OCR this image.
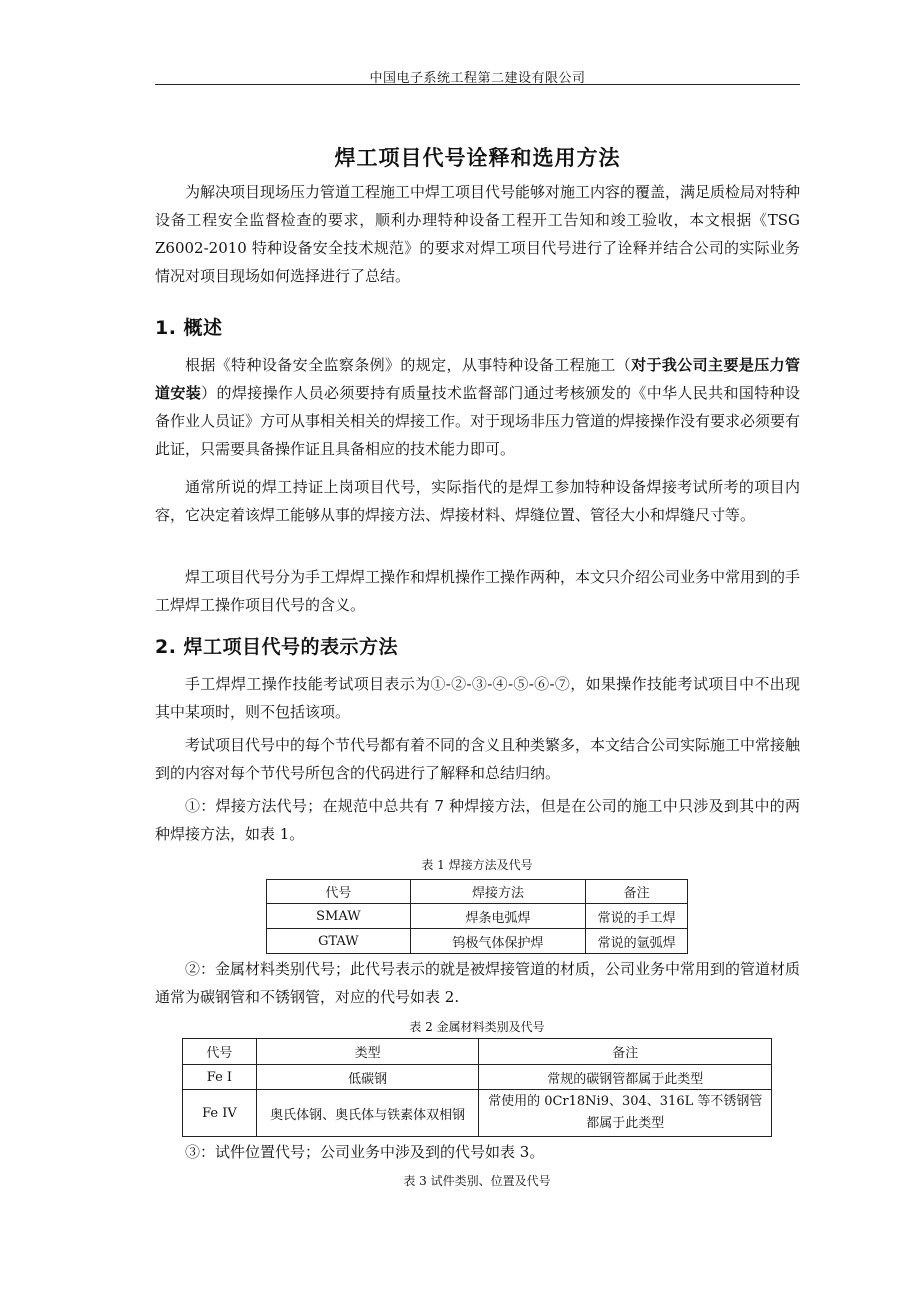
中国电子系统工程第二建设有限公司
焊工项目代号诠释和选用方法

为解决项目现场压力管道工程施工中焊工项目代号能够对施工内容的覆盖，满足质检局对特种设备工程安全监督检查的要求，顺利办理特种设备工程开工告知和竣工验收，本文根据《TSG Z6002-2010 特种设备安全技术规范》的要求对焊工项目代号进行了诠释并结合公司的实际业务情况对项目现场如何选择进行了总结。

1. 概述

根据《特种设备安全监察条例》的规定，从事特种设备工程施工（对于我公司主要是压力管道安装）的焊接操作人员必须要持有质量技术监督部门通过考核颁发的《中华人民共和国特种设备作业人员证》方可从事相关相关的焊接工作。对于现场非压力管道的焊接操作没有要求必须要有此证，只需要具备操作证且具备相应的技术能力即可。

通常所说的焊工持证上岗项目代号，实际指代的是焊工参加特种设备焊接考试所考的项目内容，它决定着该焊工能够从事的焊接方法、焊接材料、焊缝位置、管径大小和焊缝尺寸等。

焊工项目代号分为手工焊焊工操作和焊机操作工操作两种，本文只介绍公司业务中常用到的手工焊焊工操作项目代号的含义。

2. 焊工项目代号的表示方法

手工焊焊工操作技能考试项目表示为①-②-③-④-⑤-⑥-⑦，如果操作技能考试项目中不出现其中某项时，则不包括该项。

考试项目代号中的每个节代号都有着不同的含义且种类繁多，本文结合公司实际施工中常接触到的内容对每个节代号所包含的代码进行了解释和总结归纳。

①：焊接方法代号；在规范中总共有 7 种焊接方法，但是在公司的施工中只涉及到其中的两种焊接方法，如表 1。

表 1 焊接方法及代号
代号	焊接方法	备注
SMAW	焊条电弧焊	常说的手工焊
GTAW	钨极气体保护焊	常说的氩弧焊

②：金属材料类别代号；此代号表示的就是被焊接管道的材质，公司业务中常用到的管道材质通常为碳钢管和不锈钢管，对应的代号如表 2.

表 2 金属材料类别及代号
代号	类型	备注
Fe I	低碳钢	常规的碳钢管都属于此类型
Fe IV	奥氏体钢、奥氏体与铁素体双相钢	常使用的 0Cr18Ni9、304、316L 等不锈钢管都属于此类型

③：试件位置代号；公司业务中涉及到的代号如表 3。

表 3 试件类别、位置及代号
